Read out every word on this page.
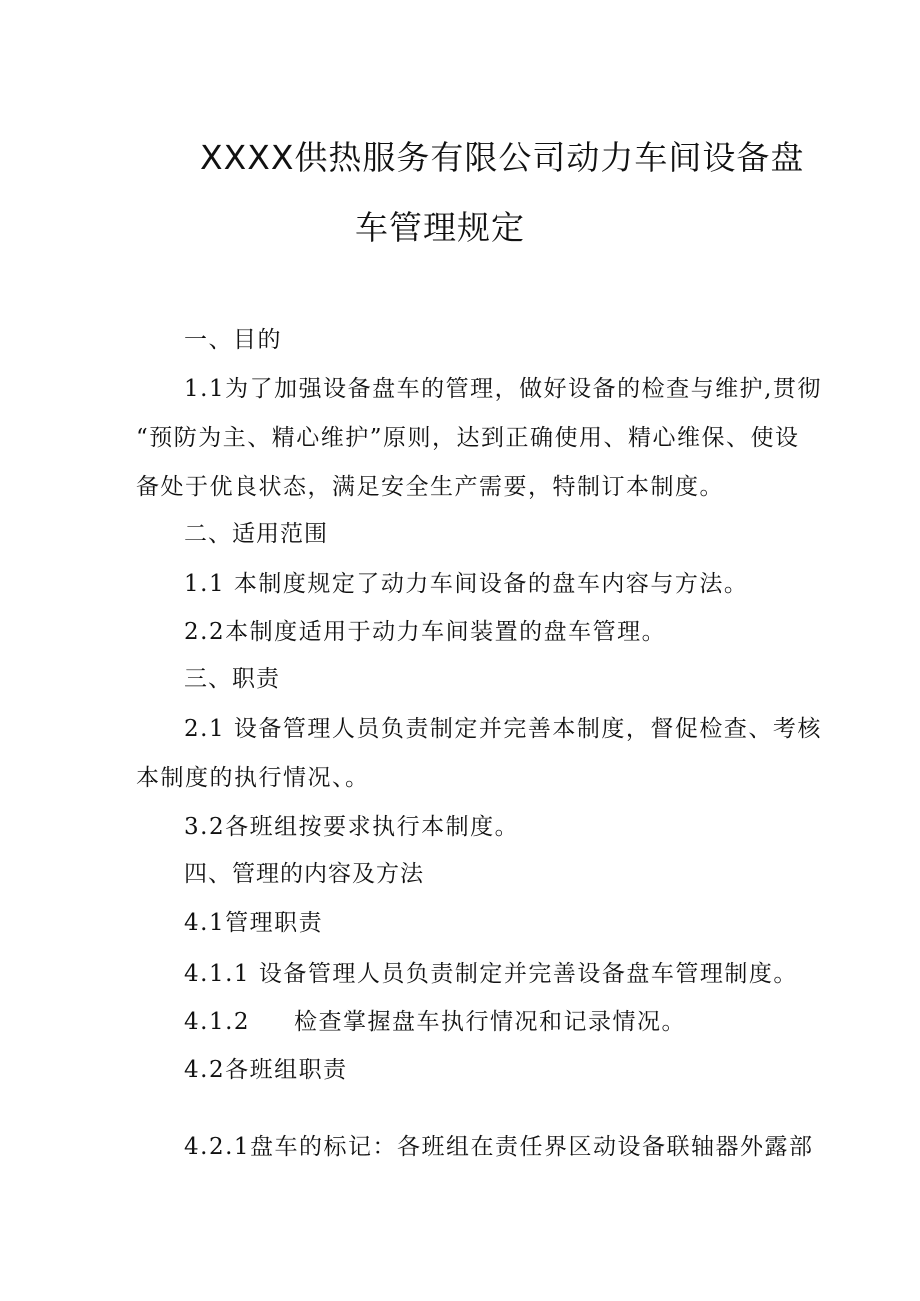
XXXX供热服务有限公司动力车间设备盘
车管理规定
一、目的
1.1为了加强设备盘车的管理，做好设备的检查与维护,贯彻
“预防为主、精心维护”原则，达到正确使用、精心维保、使设
备处于优良状态，满足安全生产需要，特制订本制度。
二、适用范围
1.1 本制度规定了动力车间设备的盘车内容与方法。
2.2本制度适用于动力车间装置的盘车管理。
三、职责
2.1 设备管理人员负责制定并完善本制度，督促检查、考核
本制度的执行情况、。
3.2各班组按要求执行本制度。
四、管理的内容及方法
4.1管理职责
4.1.1 设备管理人员负责制定并完善设备盘车管理制度。
4.1.2 检查掌握盘车执行情况和记录情况。
4.2各班组职责
4.2.1盘车的标记：各班组在责任界区动设备联轴器外露部
